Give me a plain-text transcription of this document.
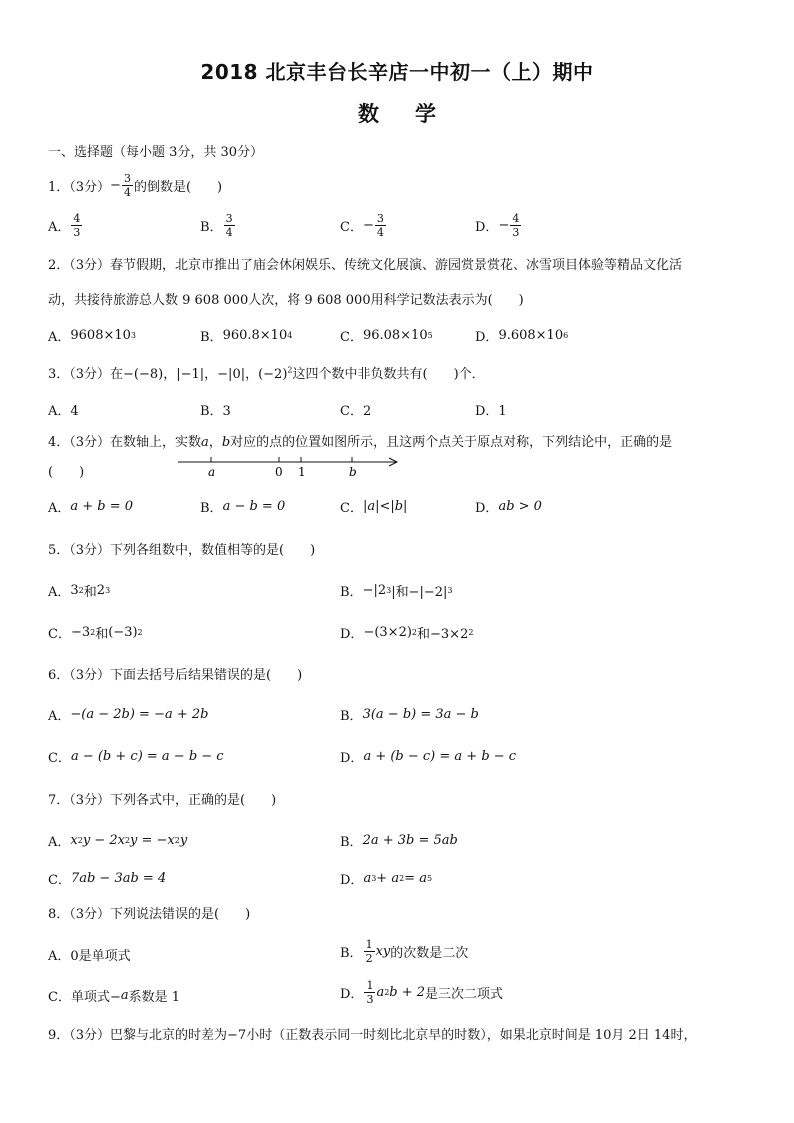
2018 北京丰台长辛店一中初一（上）期中
数 学
一、选择题（每小题 3分，共 30分）
1．（3分） − $\frac{3}{4}$ 的倒数是(　　)
A． $\frac{4}{3}$	B． $\frac{3}{4}$	C． − $\frac{3}{4}$	D． − $\frac{4}{3}$
2．（3分）春节假期，北京市推出了庙会休闲娱乐、传统文化展演、游园赏景赏花、冰雪项目体验等精品文化活
动，共接待旅游总人数 9 608 000人次，将 9 608 000用科学记数法表示为(　　)
A． 9608×10 3	B． 960.8×10 4	C． 96.08×10 5	D． 9.608×10 6
3．（3分）在−(−8)，|−1|，−|0|，$(-2)^2$这四个数中非负数共有(　　)个．
A．4	B．3	C．2	D．1
4．（3分）在数轴上，实数a，b对应的点的位置如图所示，且这两个点关于原点对称，下列结论中，正确的是
(　　)	a	0 1	b
A． a + b = 0	B． a − b = 0	C． |a|<|b|	D． ab > 0
5．（3分）下列各组数中，数值相等的是(　　)
A． 3 2 和 2 3	B． −|2 3 |和−|−2| 3
C． −3 2 和 (−3) 2	D． −(3×2) 2 和−3×2 2
6．（3分）下面去括号后结果错误的是(　　)
A． −(a − 2b) = −a + 2b	B． 3(a − b) = 3a − b
C． a − (b + c) = a − b − c	D． a + (b − c) = a + b − c
7．（3分）下列各式中，正确的是(　　)
A． x 2 y − 2x 2 y = −x 2 y	B． 2a + 3b = 5ab
C． 7ab − 3ab = 4	D． a 3 + a 2 = a 5
8．（3分）下列说法错误的是(　　)
A．0是单项式	B． $\frac{1}{2}$ xy 的次数是二次
C．单项式− a 系数是 1	D． $\frac{1}{3}$ a 2 b + 2 是三次二项式
9．（3分）巴黎与北京的时差为−7小时（正数表示同一时刻比北京早的时数），如果北京时间是 10月 2日 14时，
